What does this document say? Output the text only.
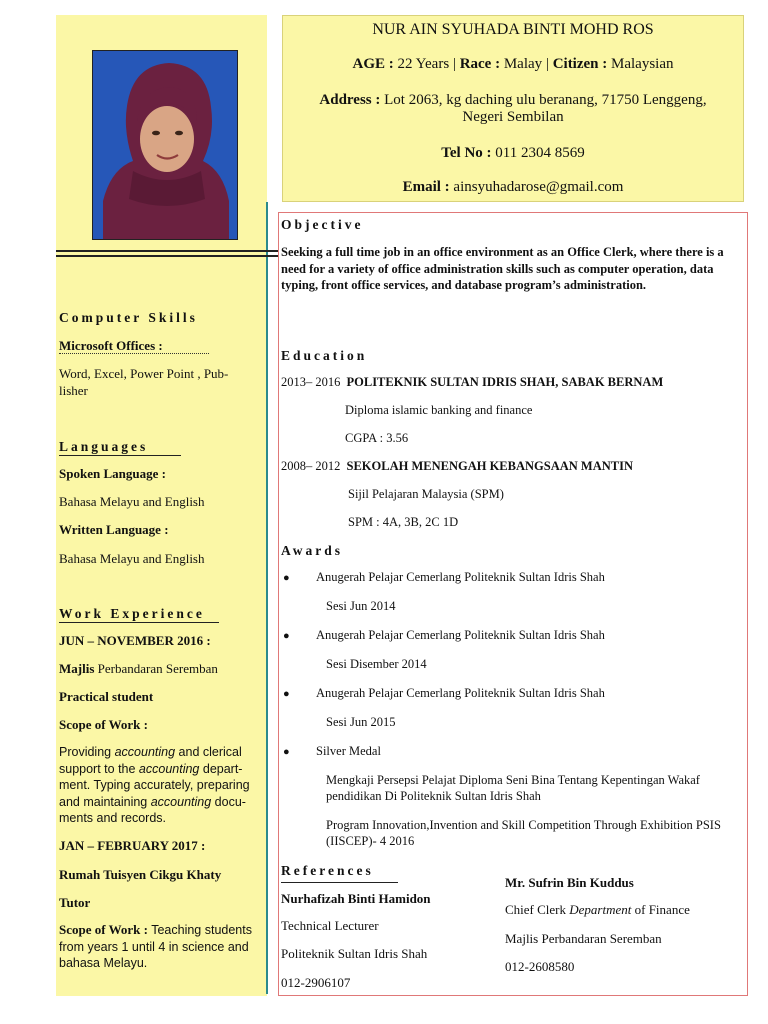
NUR AIN SYUHADA BINTI MOHD ROS
AGE : 22 Years | Race : Malay | Citizen : Malaysian
Address : Lot 2063, kg daching ulu beranang, 71750 Lenggeng,
Negeri Sembilan
Tel No : 011 2304 8569
Email : ainsyuhadarose@gmail.com
Computer Skills
Microsoft Offices :
Word, Excel, Power Point , Pub-
lisher
Languages
Spoken Language :
Bahasa Melayu and English
Written Language :
Bahasa Melayu and English
Work Experience
JUN – NOVEMBER 2016 :
Majlis Perbandaran Seremban
Practical student
Scope of Work :
Providing accounting and clerical support to the accounting depart-ment. Typing accurately, preparing and maintaining accounting docu-ments and records.
JAN – FEBRUARY 2017 :
Rumah Tuisyen Cikgu Khaty
Tutor
Scope of Work : Teaching students from years 1 until 4 in science and bahasa Melayu.
Objective
Seeking a full time job in an office environment as an Office Clerk, where there is a need for a variety of office administration skills such as computer operation, data typing, front office services, and database program’s administration.
Education
2013– 2016 POLITEKNIK SULTAN IDRIS SHAH, SABAK BERNAM
Diploma islamic banking and finance
CGPA : 3.56
2008– 2012 SEKOLAH MENENGAH KEBANGSAAN MANTIN
Sijil Pelajaran Malaysia (SPM)
SPM : 4A, 3B, 2C 1D
Awards
● Anugerah Pelajar Cemerlang Politeknik Sultan Idris Shah
Sesi Jun 2014
● Anugerah Pelajar Cemerlang Politeknik Sultan Idris Shah
Sesi Disember 2014
● Anugerah Pelajar Cemerlang Politeknik Sultan Idris Shah
Sesi Jun 2015
● Silver Medal
Mengkaji Persepsi Pelajat Diploma Seni Bina Tentang Kepentingan Wakaf pendidikan Di Politeknik Sultan Idris Shah
Program Innovation,Invention and Skill Competition Through Exhibition PSIS (IISCEP)- 4 2016
References
Nurhafizah Binti Hamidon
Technical Lecturer
Politeknik Sultan Idris Shah
012-2906107
Mr. Sufrin Bin Kuddus
Chief Clerk Department of Finance
Majlis Perbandaran Seremban
012-2608580
